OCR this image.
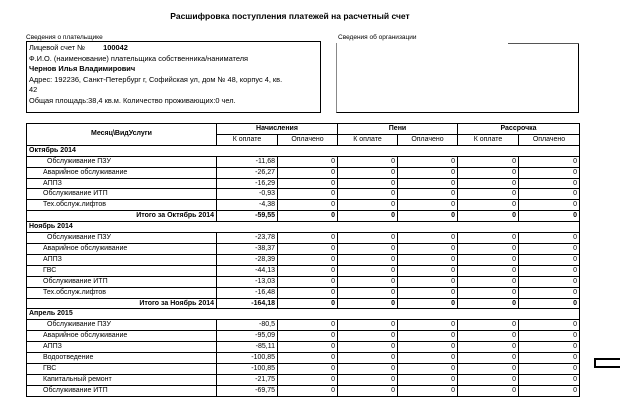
Расшифровка поступления платежей на расчетный счет
Сведения о плательщике
Лицевой счет № 100042
Ф.И.О. (наименование) плательщика собственника/нанимателя
Чернов Илья Владимирович
Адрес: 192236, Санкт-Петербург г, Софийская ул, дом № 48, корпус 4, кв.
42
Общая площадь:38,4 кв.м. Количество проживающих:0 чел.
Сведения об организации
Месяц\ВидУслуги	Начисления		Пени		Рассрочка	
	К оплате	Оплачено	К оплате	Оплачено	К оплате	Оплачено
Октябрь 2014						
Обслуживание ПЗУ	-11,68	0	0	0	0	0
Аварийное обслуживание	-26,27	0	0	0	0	0
АППЗ	-16,29	0	0	0	0	0
Обслуживание ИТП	-0,93	0	0	0	0	0
Тех.обслуж.лифтов	-4,38	0	0	0	0	0
Итого за Октябрь 2014	-59,55	0	0	0	0	0
Ноябрь 2014						
Обслуживание ПЗУ	-23,78	0	0	0	0	0
Аварийное обслуживание	-38,37	0	0	0	0	0
АППЗ	-28,39	0	0	0	0	0
ГВС	-44,13	0	0	0	0	0
Обслуживание ИТП	-13,03	0	0	0	0	0
Тех.обслуж.лифтов	-16,48	0	0	0	0	0
Итого за Ноябрь 2014	-164,18	0	0	0	0	0
Апрель 2015						
Обслуживание ПЗУ	-80,5	0	0	0	0	0
Аварийное обслуживание	-95,09	0	0	0	0	0
АППЗ	-85,11	0	0	0	0	0
Водоотведение	-100,85	0	0	0	0	0
ГВС	-100,85	0	0	0	0	0
Капитальный ремонт	-21,75	0	0	0	0	0
Обслуживание ИТП	-69,75	0	0	0	0	0
